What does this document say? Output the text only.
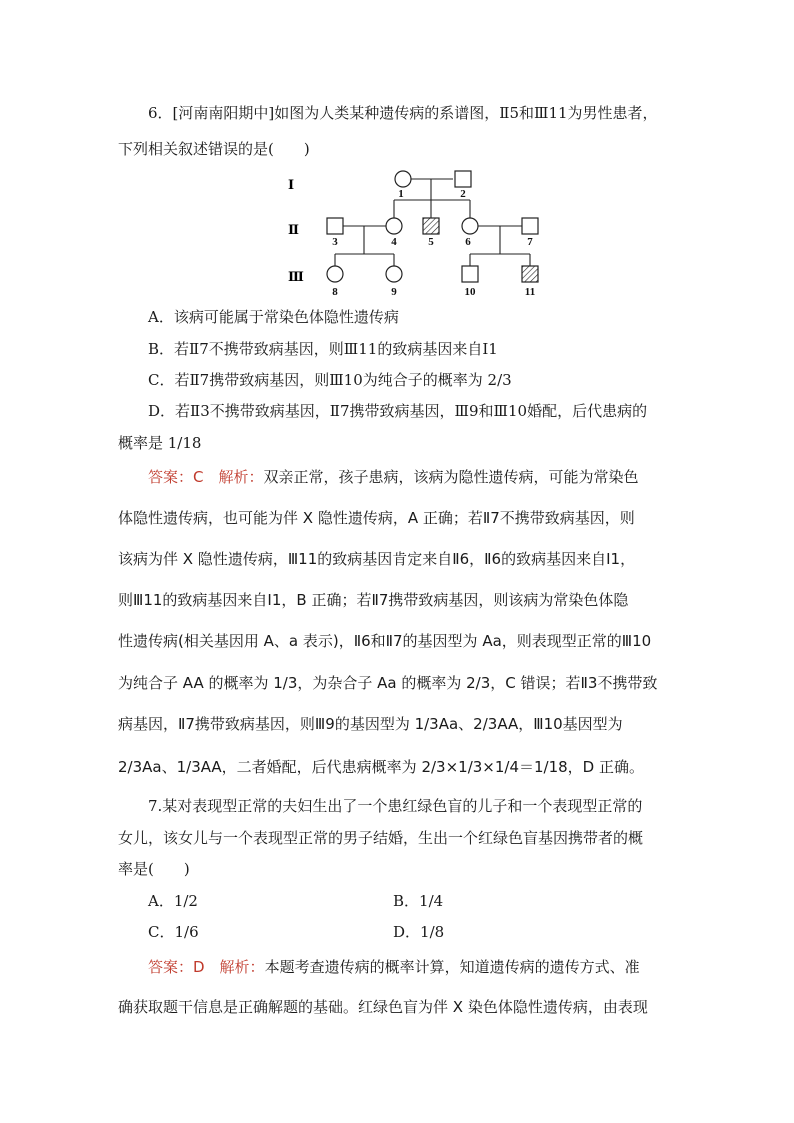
6．[河南南阳期中]如图为人类某种遗传病的系谱图，Ⅱ5和Ⅲ11为男性患者，
下列相关叙述错误的是(　　)
Ⅰ
Ⅱ
Ⅲ
1	2
3	4	5	6	7
8	9	10	11
A．该病可能属于常染色体隐性遗传病
B．若Ⅱ7不携带致病基因，则Ⅲ11的致病基因来自Ⅰ1
C．若Ⅱ7携带致病基因，则Ⅲ10为纯合子的概率为 2/3
D．若Ⅱ3不携带致病基因，Ⅱ7携带致病基因，Ⅲ9和Ⅲ10婚配，后代患病的
概率是 1/18
答案：C　解析：双亲正常，孩子患病，该病为隐性遗传病，可能为常染色
体隐性遗传病，也可能为伴 X 隐性遗传病，A 正确；若Ⅱ7不携带致病基因，则
该病为伴 X 隐性遗传病，Ⅲ11的致病基因肯定来自Ⅱ6，Ⅱ6的致病基因来自Ⅰ1，
则Ⅲ11的致病基因来自Ⅰ1，B 正确；若Ⅱ7携带致病基因，则该病为常染色体隐
性遗传病(相关基因用 A、a 表示)，Ⅱ6和Ⅱ7的基因型为 Aa，则表现型正常的Ⅲ10
为纯合子 AA 的概率为 1/3，为杂合子 Aa 的概率为 2/3，C 错误；若Ⅱ3不携带致
病基因，Ⅱ7携带致病基因，则Ⅲ9的基因型为 1/3Aa、2/3AA，Ⅲ10基因型为
2/3Aa、1/3AA，二者婚配，后代患病概率为 2/3×1/3×1/4＝1/18，D 正确。
7.某对表现型正常的夫妇生出了一个患红绿色盲的儿子和一个表现型正常的
女儿，该女儿与一个表现型正常的男子结婚，生出一个红绿色盲基因携带者的概
率是(　　)
A．1/2	B．1/4
C．1/6	D．1/8
答案：D　解析：本题考查遗传病的概率计算，知道遗传病的遗传方式、准
确获取题干信息是正确解题的基础。红绿色盲为伴 X 染色体隐性遗传病，由表现
